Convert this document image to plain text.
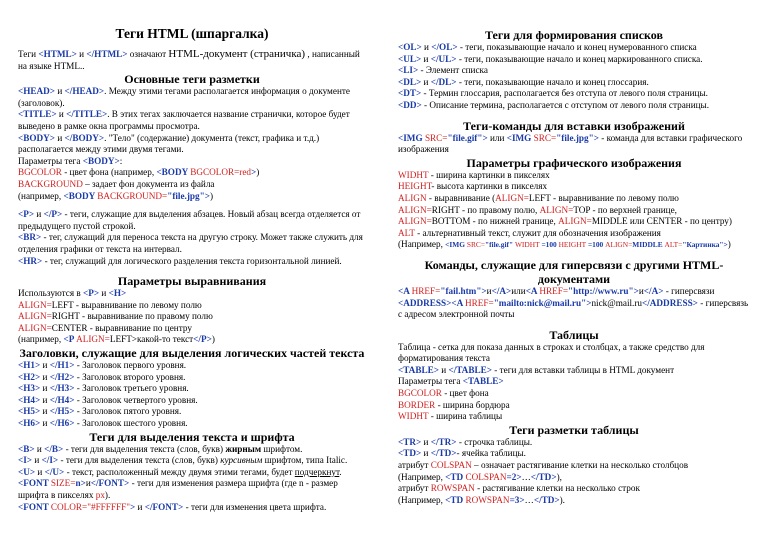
Теги HTML (шпаргалка)
Теги <HTML> и </HTML> означают HTML-документ (страничка) , написанный на языке HTML..
Основные теги разметки
<HEAD> и </HEAD>. Между этими тегами располагается информация о документе (заголовок).
<TITLE> и </TITLE>. В этих тегах заключается название странички, которое будет выведено в рамке окна программы просмотра.
<BODY> и </BODY>. "Тело" (содержание) документа (текст, графика и т.д.) располагается между этими двумя тегами.
Параметры тега <BODY>:
BGCOLOR - цвет фона (например, <BODY BGCOLOR=red>)
BACKGROUND – задает фон документа из файла
(например, <BODY BACKGROUND="file.jpg">)
<P> и </P> - теги, служащие для выделения абзацев. Новый абзац всегда отделяется от предыдущего пустой строкой.
<BR> - тег, служащий для переноса текста на другую строку. Может также служить для отделения графики от текста на интервал.
<HR> - тег, служащий для логического разделения текста горизонтальной линией.
Параметры выравнивания
Используются в <P> и <H>
ALIGN=LEFT - выравнивание по левому полю
ALIGN=RIGHT - выравнивание по правому полю
ALIGN=CENTER - выравнивание по центру
(например, <P ALIGN=LEFT>какой-то текст</P>)
Заголовки, служащие для выделения логических частей текста
<H1> и </H1> - Заголовок первого уровня.
<H2> и </H2> - Заголовок второго уровня.
<H3> и </H3> - Заголовок третьего уровня.
<H4> и </H4> - Заголовок четвертого уровня.
<H5> и </H5> - Заголовок пятого уровня.
<H6> и </H6> - Заголовок шестого уровня.
Теги для выделения текста и шрифта
<B> и </B> - теги для выделения текста (слов, букв) жирным шрифтом.
<I> и </I> - теги для выделения текста (слов, букв) курсивным шрифтом, типа Italic.
<U> и </U> - текст, расположенный между двумя этими тегами, будет подчеркнут.
<FONT SIZE=n>и</FONT> - теги для изменения размера шрифта (где n - размер шрифта в пикселях px).
<FONT COLOR="#FFFFFF"> и </FONT> - теги для изменения цвета шрифта.
Теги для формирования списков
<OL> и </OL> - теги, показывающие начало и конец нумерованного списка
<UL> и </UL> - теги, показывающие начало и конец маркированного списка.
<LI> - Элемент списка
<DL> и </DL> - теги, показывающие начало и конец глоссария.
<DT> - Термин глоссария, располагается без отступа от левого поля страницы.
<DD> - Описание термина, располагается с отступом от левого поля страницы.
Теги-команды для вставки изображений
<IMG SRC="file.gif"> или <IMG SRC="file.jpg"> - команда для вставки графического изображения
Параметры графического изображения
WIDHT - ширина картинки в пикселях
HEIGHT- высота картинки в пикселях
ALIGN - выравнивание (ALIGN=LEFT - выравнивание по левому полю
ALIGN=RIGHT - по правому полю, ALIGN=TOP - по верхней границе,
ALIGN=BOTTOM - по нижней границе, ALIGN=MIDDLE или CENTER - по центру)
ALT - альтернативный текст, служит для обозначения изображения
(Например, <IMG SRC="file.gif" WIDHT =100 HEIGHT =100 ALIGN=MIDDLE ALT="Картинка">)
Команды, служащие для гиперсвязи с другими HTML-документами
<A HREF="fail.htm">и</A>или<A HREF="http://www.ru">и</A> - гиперсвязи
<ADDRESS><A HREF="mailto:nick@mail.ru">nick@mail.ru</ADDRESS> - гиперсвязь с адресом электронной почты
Таблицы
Таблица - сетка для показа данных в строках и столбцах, а также средство для форматирования текста
<TABLE> и </TABLE> - теги для вставки таблицы в HTML документ
Параметры тега <TABLE>
BGCOLOR - цвет фона
BORDER - ширина бордюра
WIDHT - ширина таблицы
Теги разметки таблицы
<TR> и </TR> - строчка таблицы.
<TD> и </TD>- ячейка таблицы.
атрибут COLSPAN – означает растягивание клетки на несколько столбцов
(Например, <TD COLSPAN=2>…</TD>),
атрибут ROWSPAN - растягивание клетки на несколько строк
(Например, <TD ROWSPAN=3>…</TD>).
